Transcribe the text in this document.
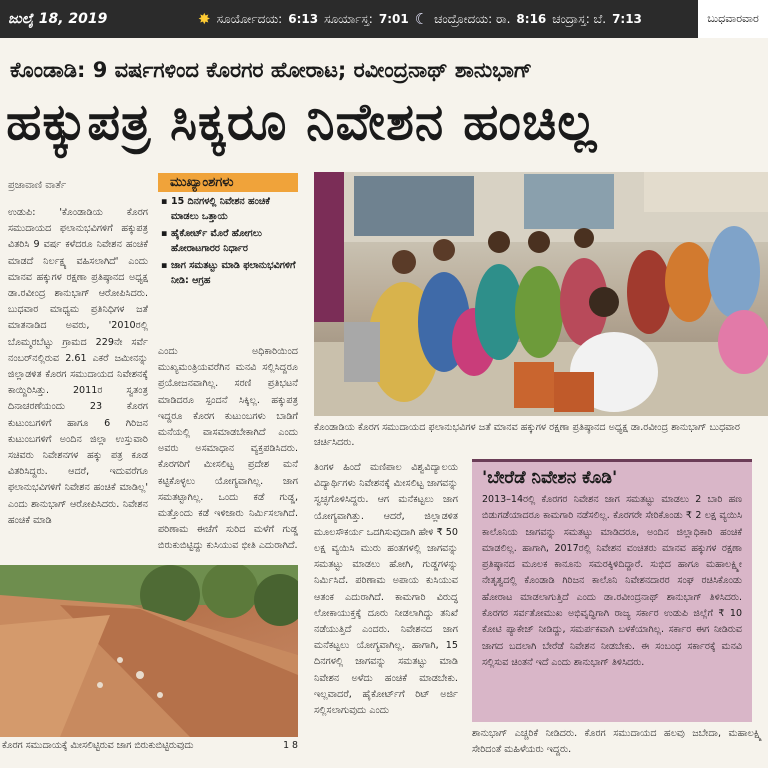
ಜುಲೈ 18, 2019	✸ ಸೂರ್ಯೋದಯ: 6:13 ಸೂರ್ಯಾಸ್ತ: 7:01 ☾ ಚಂದ್ರೋದಯ: ರಾ. 8:16 ಚಂದ್ರಾಸ್ತ: ಬೆ. 7:13	ಬುಧವಾರವಾರ
ಕೊಂಡಾಡಿ: 9 ವರ್ಷಗಳಿಂದ ಕೊರಗರ ಹೋರಾಟ; ರವೀಂದ್ರನಾಥ್ ಶಾನುಭಾಗ್
ಹಕ್ಕುಪತ್ರ ಸಿಕ್ಕರೂ ನಿವೇಶನ ಹಂಚಿಲ್ಲ
ಪ್ರಜಾವಾಣಿ ವಾರ್ತೆ
ಉಡುಪಿ: 'ಕೊಂಡಾಡಿಯ ಕೊರಗ ಸಮುದಾಯದ ಫಲಾನುಭವಿಗಳಿಗೆ ಹಕ್ಕುಪತ್ರ ವಿತರಿಸಿ 9 ವರ್ಷ ಕಳೆದರೂ ನಿವೇಶನ ಹಂಚಿಕೆ ಮಾಡದೆ ನಿರ್ಲಕ್ಷ್ಯ ವಹಿಸಲಾಗಿದೆ' ಎಂದು ಮಾನವ ಹಕ್ಕುಗಳ ರಕ್ಷಣಾ ಪ್ರತಿಷ್ಠಾನದ ಅಧ್ಯಕ್ಷ ಡಾ.ರವೀಂದ್ರ ಶಾನುಭಾಗ್ ಆರೋಪಿಸಿದರು. ಬುಧವಾರ ಮಾಧ್ಯಮ ಪ್ರತಿನಿಧಿಗಳ ಜತೆ ಮಾತನಾಡಿದ ಅವರು, '2010ರಲ್ಲಿ ಬೊಮ್ಮರಬೆಟ್ಟು ಗ್ರಾಮದ 229ನೇ ಸರ್ವೆ ನಂಬರ್‌ನಲ್ಲಿರುವ 2.61 ಎಕರೆ ಜಮೀನನ್ನು ಜಿಲ್ಲಾಡಳಿತ ಕೊರಗ ಸಮುದಾಯದ ನಿವೇಶನಕ್ಕೆ ಕಾಯ್ದಿರಿಸಿತ್ತು. 2011ರ ಸ್ವತಂತ್ರ ದಿನಾಚರಣೆಯಂದು 23 ಕೊರಗ ಕುಟುಂಬಗಳಿಗೆ ಹಾಗೂ 6 ಗಿರಿಜನ ಕುಟುಂಬಗಳಿಗೆ ಅಂದಿನ ಜಿಲ್ಲಾ ಉಸ್ತುವಾರಿ ಸಚಿವರು ನಿವೇಶನಗಳ ಹಕ್ಕು ಪತ್ರ ಕೂಡ ವಿತರಿಸಿದ್ದರು. ಆದರೆ, ಇದುವರೆಗೂ ಫಲಾನುಭವಿಗಳಿಗೆ ನಿವೇಶನ ಹಂಚಿಕೆ ಮಾಡಿಲ್ಲ' ಎಂದು ಶಾನುಭಾಗ್ ಆರೋಪಿಸಿದರು. ನಿವೇಶನ ಹಂಚಿಕೆ ಮಾಡಿ
ಮುಖ್ಯಾಂಶಗಳು
▪ 15 ದಿನಗಳಲ್ಲಿ ನಿವೇಶನ ಹಂಚಿಕೆ ಮಾಡಲು ಒತ್ತಾಯ
▪ ಹೈಕೋರ್ಟ್ ಮೊರೆ ಹೋಗಲು ಹೋರಾಟಗಾರರ ನಿರ್ಧಾರ
▪ ಜಾಗ ಸಮತಟ್ಟು ಮಾಡಿ ಫಲಾನುಭವಿಗಳಿಗೆ ನೀಡಿ: ಆಗ್ರಹ
ಎಂದು ಅಧಿಕಾರಿಯಿಂದ ಮುಖ್ಯಮಂತ್ರಿಯವರೆಗಿನ ಮನವಿ ಸಲ್ಲಿಸಿದ್ದರೂ ಪ್ರಯೋಜನವಾಗಿಲ್ಲ. ಸರಣಿ ಪ್ರತಿಭಟನೆ ಮಾಡಿದರೂ ಸ್ಪಂದನೆ ಸಿಕ್ಕಿಲ್ಲ. ಹಕ್ಕುಪತ್ರ ಇದ್ದರೂ ಕೊರಗ ಕುಟುಂಬಗಳು ಬಾಡಿಗೆ ಮನೆಯಲ್ಲಿ ವಾಸಮಾಡಬೇಕಾಗಿದೆ ಎಂದು ಅವರು ಅಸಮಾಧಾನ ವ್ಯಕ್ತಪಡಿಸಿದರು. ಕೊರಗರಿಗೆ ಮೀಸಲಿಟ್ಟ ಪ್ರದೇಶ ಮನೆ ಕಟ್ಟಿಕೊಳ್ಳಲು ಯೋಗ್ಯವಾಗಿಲ್ಲ. ಜಾಗ ಸಮತಟ್ಟಾಗಿಲ್ಲ. ಒಂದು ಕಡೆ ಗುಡ್ಡ, ಮತ್ತೊಂದು ಕಡೆ ಇಳಿಜಾರು ನಿರ್ಮಿಸಲಾಗಿದೆ. ಪರಿಣಾಮ ಈಚೆಗೆ ಸುರಿದ ಮಳೆಗೆ ಗುಡ್ಡ ಬಿರುಕುಬಿಟ್ಟಿದ್ದು ಕುಸಿಯುವ ಭೀತಿ ಎದುರಾಗಿದೆ.
ಕೊಂಡಾಡಿಯ ಕೊರಗ ಸಮುದಾಯದ ಫಲಾನುಭವಿಗಳ ಜತೆ ಮಾನವ ಹಕ್ಕುಗಳ ರಕ್ಷಣಾ ಪ್ರತಿಷ್ಠಾನದ ಅಧ್ಯಕ್ಷ ಡಾ.ರವೀಂದ್ರ ಶಾನುಭಾಗ್ ಬುಧವಾರ ಚರ್ಚಿಸಿದರು.
ಕೊರಗ ಸಮುದಾಯಕ್ಕೆ ಮೀಸಲಿಟ್ಟಿರುವ ಜಾಗ ಬಿರುಕುಬಿಟ್ಟಿರುವುದು	1 8
ತಿಂಗಳ ಹಿಂದೆ ಮಣಿಪಾಲ ವಿಶ್ವವಿದ್ಯಾಲಯ ವಿದ್ಯಾರ್ಥಿಗಳು ನಿವೇಶನಕ್ಕೆ ಮೀಸಲಿಟ್ಟ ಜಾಗವನ್ನು ಸ್ವಚ್ಛಗೊಳಿಸಿದ್ದರು. ಆಗ ಮನೆಕಟ್ಟಲು ಜಾಗ ಯೋಗ್ಯವಾಗಿತ್ತು. ಆದರೆ, ಜಿಲ್ಲಾಡಳಿತ ಮೂಲಸೌಕರ್ಯ ಒದಗಿಸುವುದಾಗಿ ಹೇಳಿ ₹ 50 ಲಕ್ಷ ವ್ಯಯಿಸಿ ಮುರು ಹಂತಗಳಲ್ಲಿ ಜಾಗವನ್ನು ಸಮತಟ್ಟು ಮಾಡಲು ಹೋಗಿ, ಗುಡ್ಡಗಳನ್ನು ನಿರ್ಮಿಸಿದೆ. ಪರಿಣಾಮ ಅಪಾಯ ಕುಸಿಯುವ ಆತಂಕ ಎದುರಾಗಿದೆ. ಕಾಮಗಾರಿ ವಿರುದ್ಧ ಲೋಕಾಯುಕ್ತಕ್ಕೆ ದೂರು ನೀಡಲಾಗಿದ್ದು ತನಿಖೆ ನಡೆಯುತ್ತಿದೆ ಎಂದರು. ನಿವೇಶನದ ಜಾಗ ಮನೆಕಟ್ಟಲು ಯೋಗ್ಯವಾಗಿಲ್ಲ. ಹಾಗಾಗಿ, 15 ದಿನಗಳಲ್ಲಿ ಜಾಗವನ್ನು ಸಮತಟ್ಟು ಮಾಡಿ ನಿವೇಶನ ಅಳೆದು ಹಂಚಿಕೆ ಮಾಡಬೇಕು. ಇಲ್ಲವಾದರೆ, ಹೈಕೋರ್ಟ್‌ಗೆ ರಿಟ್ ಅರ್ಜಿ ಸಲ್ಲಿಸಲಾಗುವುದು ಎಂದು
'ಬೇರೆಡೆ ನಿವೇಶನ ಕೊಡಿ'
2013–14ರಲ್ಲಿ ಕೊರಗರ ನಿವೇಶನ ಜಾಗ ಸಮತಟ್ಟು ಮಾಡಲು 2 ಬಾರಿ ಹಣ ಬಿಡುಗಡೆಯಾದರೂ ಕಾಮಗಾರಿ ನಡೆಸಲಿಲ್ಲ. ಕೊರಗರೇ ಸೇರಿಕೊಂಡು ₹ 2 ಲಕ್ಷ ವ್ಯಯಿಸಿ ಕಾಲೊನಿಯ ಜಾಗವನ್ನು ಸಮತಟ್ಟು ಮಾಡಿದರೂ, ಅಂದಿನ ಜಿಲ್ಲಾಧಿಕಾರಿ ಹಂಚಿಕೆ ಮಾಡಲಿಲ್ಲ. ಹಾಗಾಗಿ, 2017ರಲ್ಲಿ ನಿವೇಶನ ವಂಚಿತರು ಮಾನವ ಹಕ್ಕುಗಳ ರಕ್ಷಣಾ ಪ್ರತಿಷ್ಠಾನದ ಮೂಲಕ ಕಾನೂನು ಸಮರಕ್ಕಿಳಿದಿದ್ದಾರೆ. ಸುಭಿದ ಹಾಗೂ ಮಹಾಲಕ್ಷ್ಮೀ ನೇತೃತ್ವದಲ್ಲಿ ಕೊಂಡಾಡಿ ಗಿರಿಜನ ಕಾಲೊನಿ ನಿವೇಶನದಾರರ ಸಂಘ ರಚಿಸಿಕೊಂಡು ಹೋರಾಟ ಮಾಡಲಾಗುತ್ತಿದೆ ಎಂದು ಡಾ.ರವೀಂದ್ರನಾಥ್ ಶಾನುಭಾಗ್ ತಿಳಿಸಿದರು. ಕೊರಗರ ಸರ್ವತೋಮುಖ ಅಭಿವೃದ್ಧಿಗಾಗಿ ರಾಜ್ಯ ಸರ್ಕಾರ ಉಡುಪಿ ಜಿಲ್ಲೆಗೆ ₹ 10 ಕೋಟಿ ಪ್ಯಾಕೇಜ್ ನೀಡಿದ್ದು, ಸಮರ್ಪಕವಾಗಿ ಬಳಕೆಯಾಗಿಲ್ಲ. ಸರ್ಕಾರ ಈಗ ನೀಡಿರುವ ಜಾಗದ ಬದಲಾಗಿ ಬೇರೆಡೆ ನಿವೇಶನ ನೀಡಬೇಕು. ಈ ಸಂಬಂಧ ಸರ್ಕಾರಕ್ಕೆ ಮನವಿ ಸಲ್ಲಿಸುವ ಚಿಂತನೆ ಇದೆ ಎಂದು ಶಾನುಭಾಗ್ ತಿಳಿಸಿದರು.
ಶಾನುಭಾಗ್ ಎಚ್ಚರಿಕೆ ನೀಡಿದರು. ಕೊರಗ ಸಮುದಾಯದ ಹಲವು ಜಬೇದಾ, ಮಹಾಲಕ್ಷ್ಮಿ ಸೇರಿದಂತೆ ಮಹಿಳೆಯರು ಇದ್ದರು.
